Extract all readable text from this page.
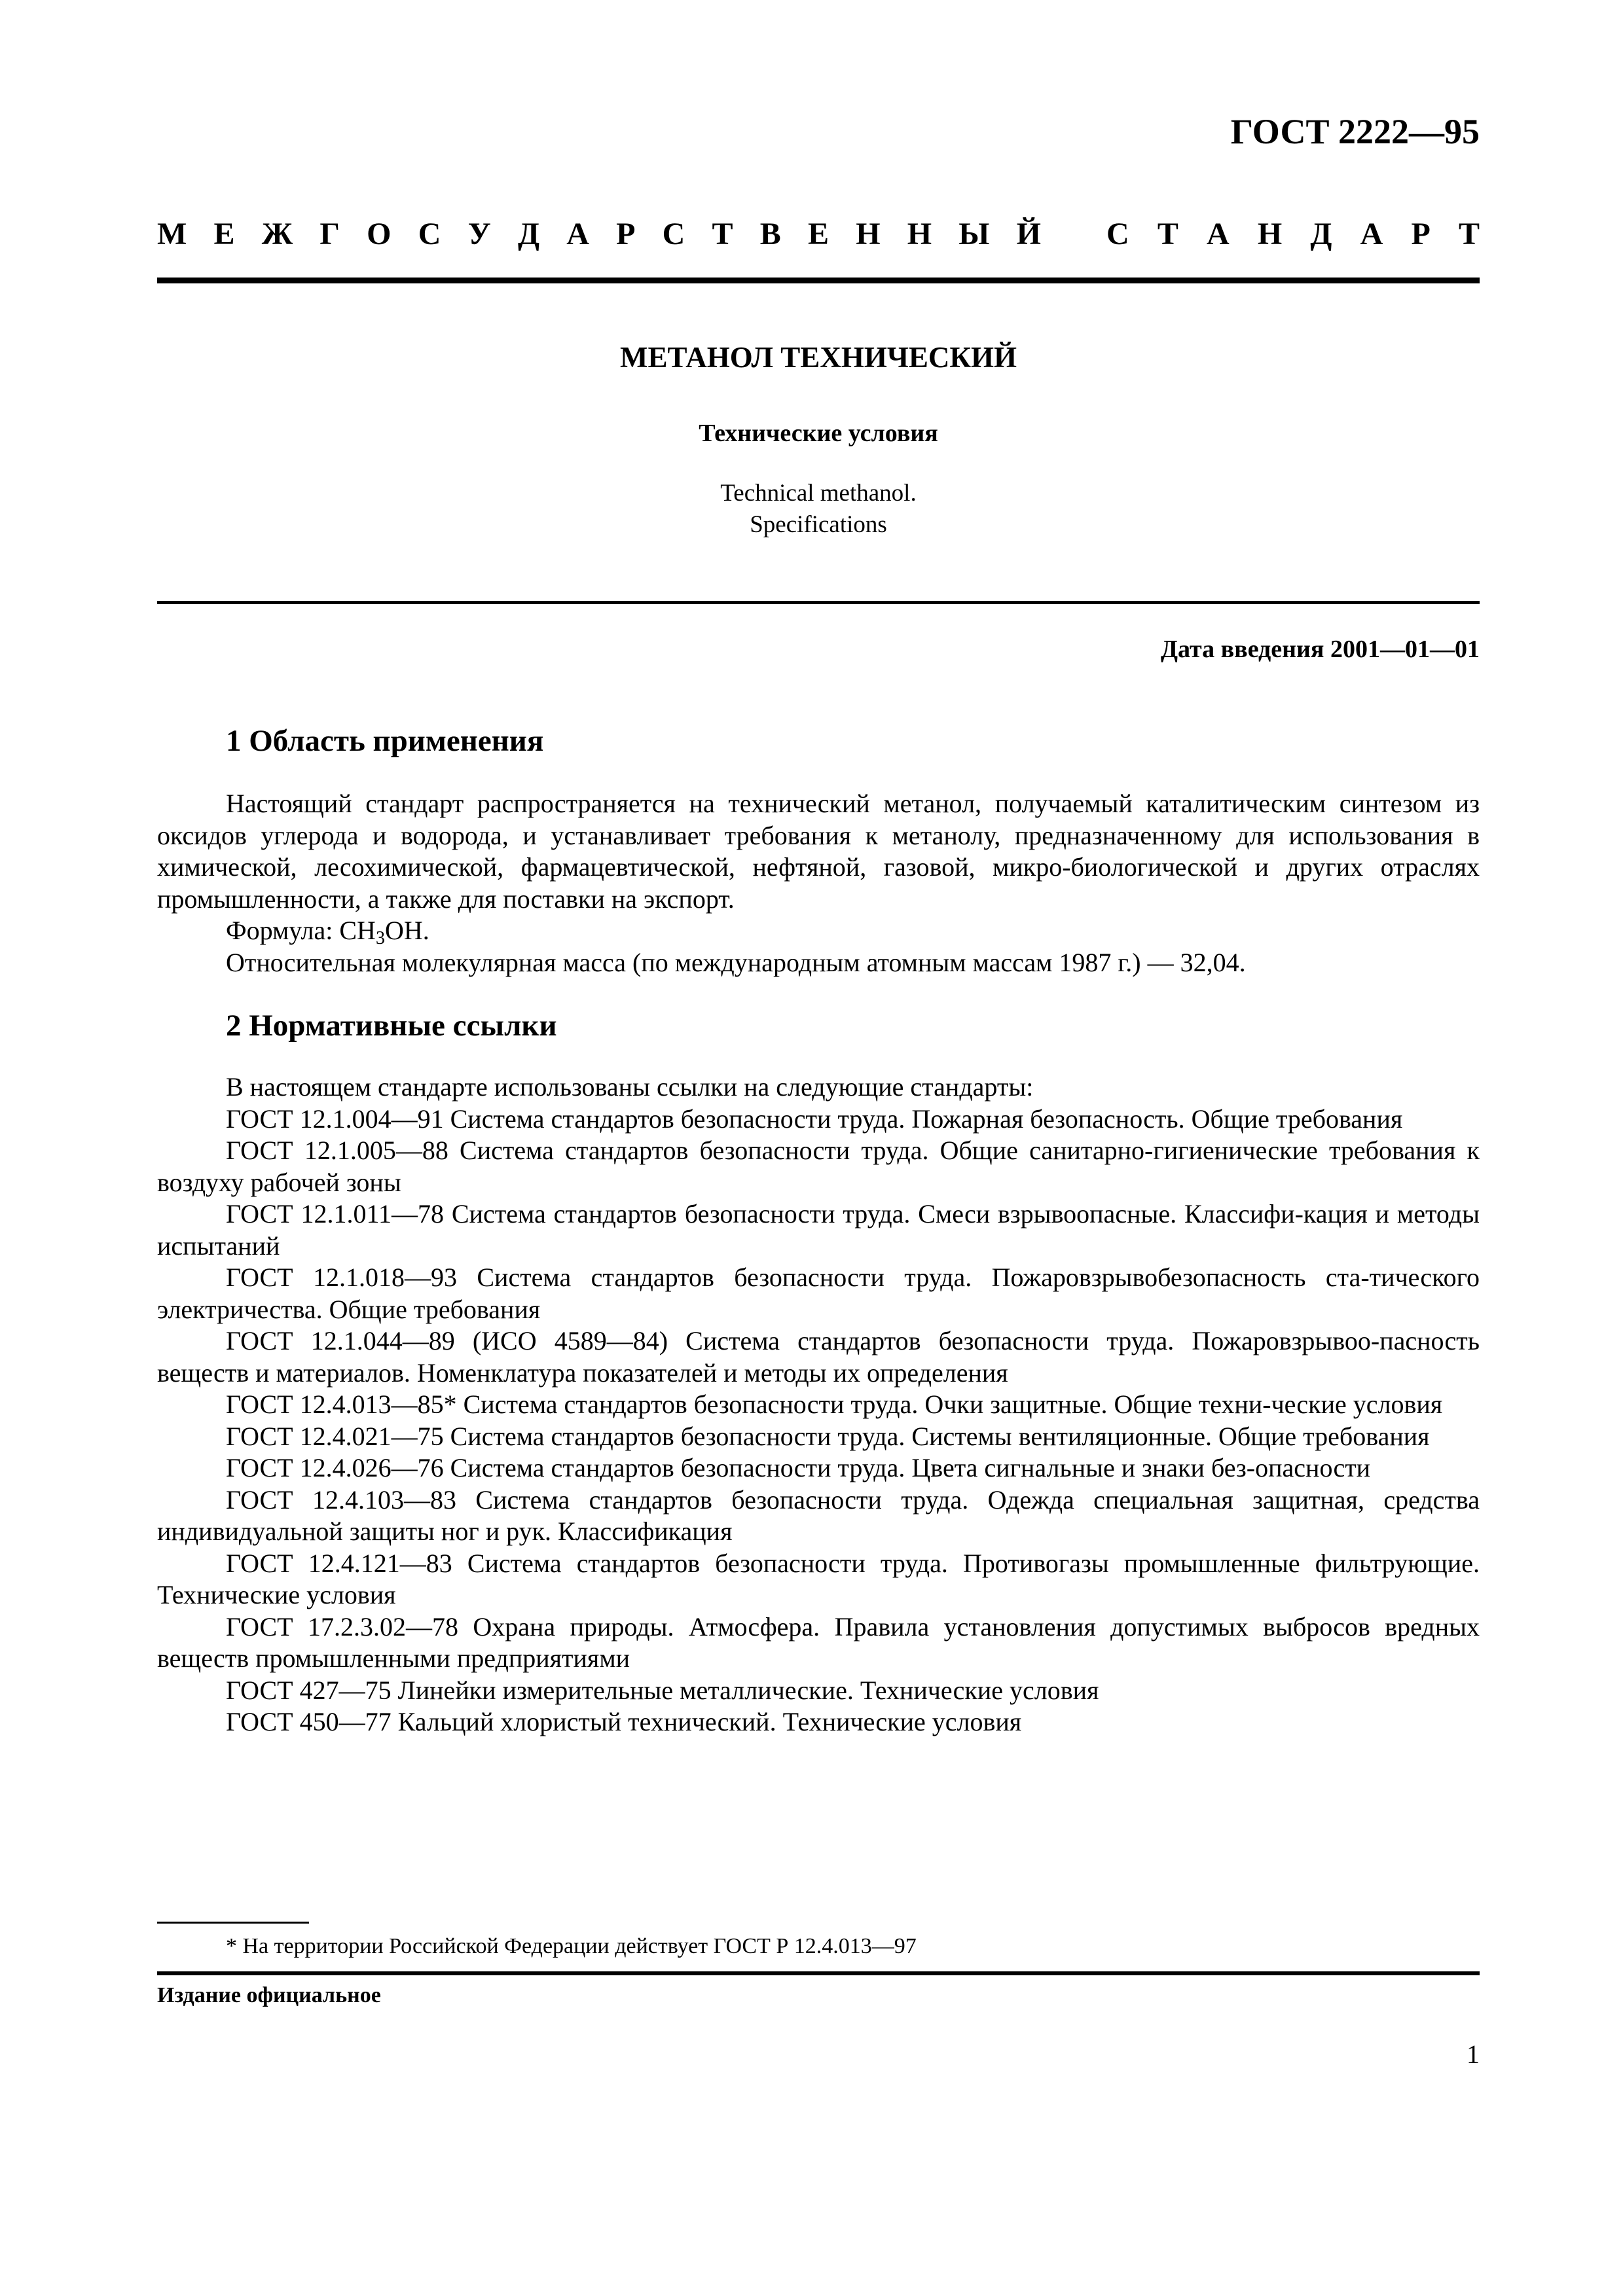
ГОСТ 2222—95
М Е Ж Г О С У Д А Р С Т В Е Н Н Ы Й С Т А Н Д А Р Т
МЕТАНОЛ ТЕХНИЧЕСКИЙ
Технические условия
Technical methanol.
Specifications
Дата введения 2001—01—01
1 Область применения

Настоящий стандарт распространяется на технический метанол, получаемый каталитическим синтезом из оксидов углерода и водорода, и устанавливает требования к метанолу, предназначенному для использования в химической, лесохимической, фармацевтической, нефтяной, газовой, микро-биологической и других отраслях промышленности, а также для поставки на экспорт.

Формула: $CH_3OH$.

Относительная молекулярная масса (по международным атомным массам 1987 г.) — 32,04.

2 Нормативные ссылки

В настоящем стандарте использованы ссылки на следующие стандарты:

ГОСТ 12.1.004—91 Система стандартов безопасности труда. Пожарная безопасность. Общие требования

ГОСТ 12.1.005—88 Система стандартов безопасности труда. Общие санитарно-гигиенические требования к воздуху рабочей зоны

ГОСТ 12.1.011—78 Система стандартов безопасности труда. Смеси взрывоопасные. Классифи-кация и методы испытаний

ГОСТ 12.1.018—93 Система стандартов безопасности труда. Пожаровзрывобезопасность ста-тического электричества. Общие требования

ГОСТ 12.1.044—89 (ИСО 4589—84) Система стандартов безопасности труда. Пожаровзрывоо-пасность веществ и материалов. Номенклатура показателей и методы их определения

ГОСТ 12.4.013—85* Система стандартов безопасности труда. Очки защитные. Общие техни-ческие условия

ГОСТ 12.4.021—75 Система стандартов безопасности труда. Системы вентиляционные. Общие требования

ГОСТ 12.4.026—76 Система стандартов безопасности труда. Цвета сигнальные и знаки без-опасности

ГОСТ 12.4.103—83 Система стандартов безопасности труда. Одежда специальная защитная, средства индивидуальной защиты ног и рук. Классификация

ГОСТ 12.4.121—83 Система стандартов безопасности труда. Противогазы промышленные фильтрующие. Технические условия

ГОСТ 17.2.3.02—78 Охрана природы. Атмосфера. Правила установления допустимых выбросов вредных веществ промышленными предприятиями

ГОСТ 427—75 Линейки измерительные металлические. Технические условия

ГОСТ 450—77 Кальций хлористый технический. Технические условия

* На территории Российской Федерации действует ГОСТ Р 12.4.013—97
Издание официальное
1
